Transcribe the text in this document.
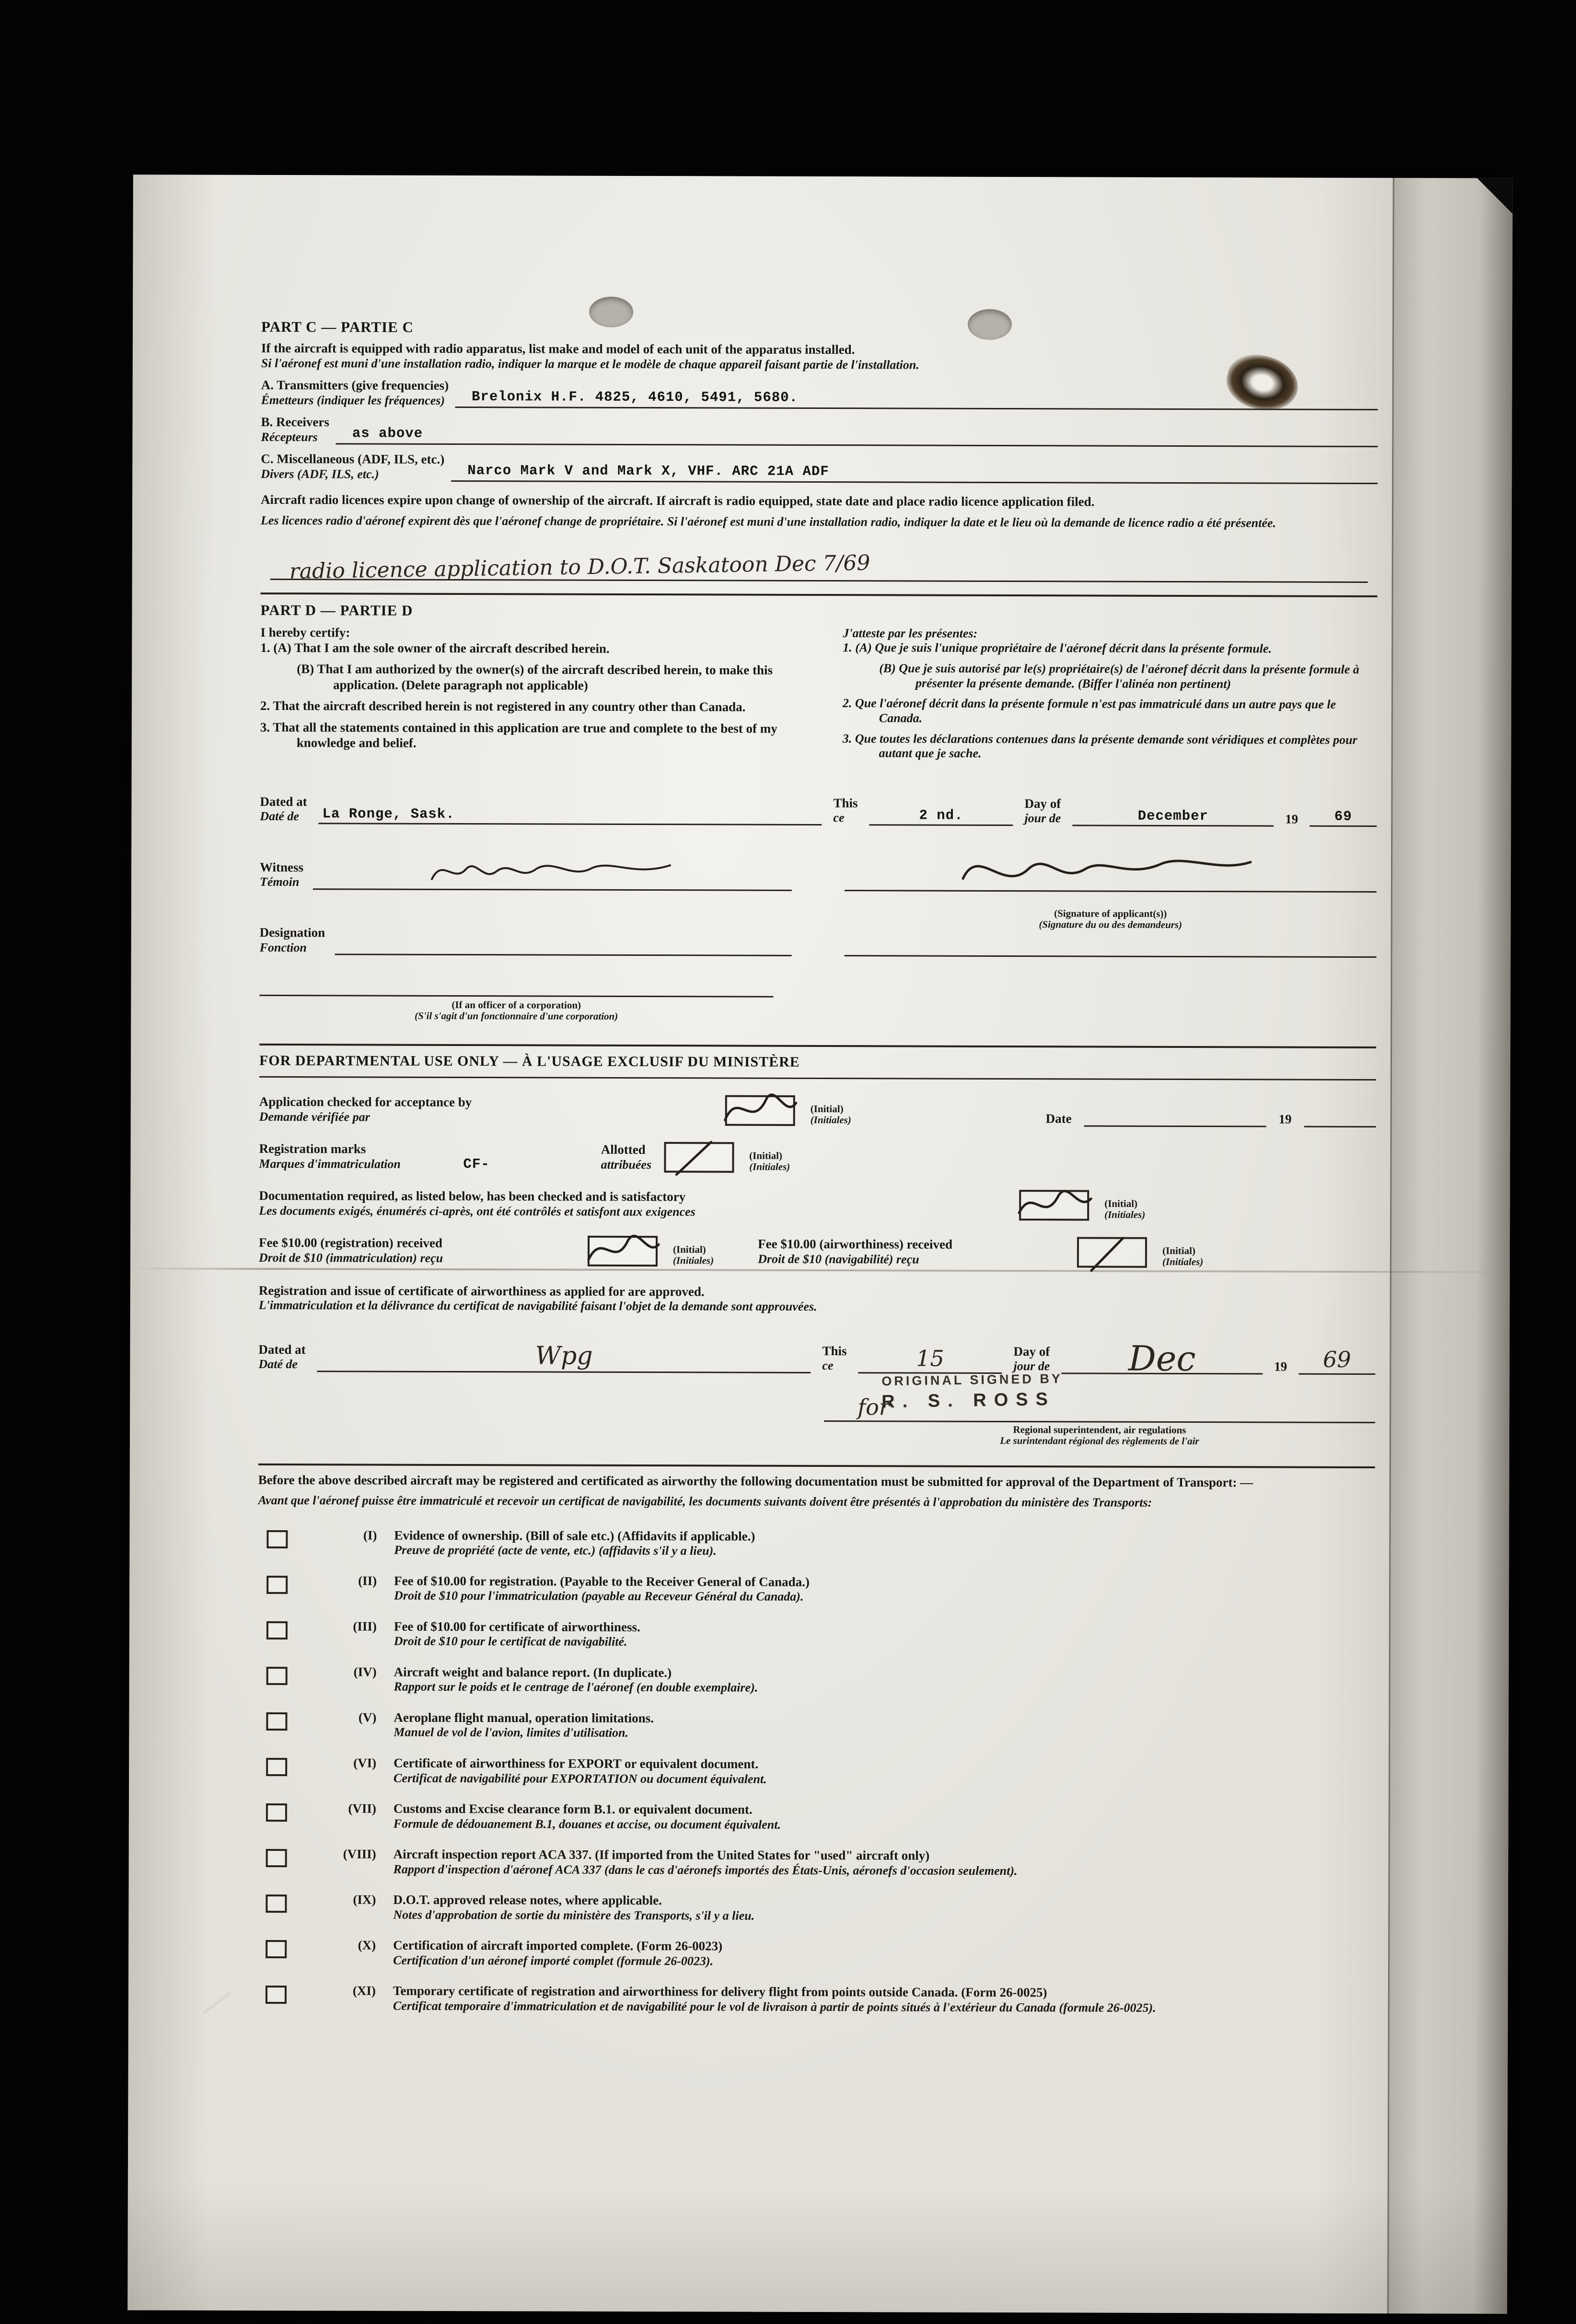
PART C — PARTIE C
If the aircraft is equipped with radio apparatus, list make and model of each unit of the apparatus installed.
Si l'aéronef est muni d'une installation radio, indiquer la marque et le modèle de chaque appareil faisant partie de l'installation.
A. Transmitters (give frequencies)
Émetteurs (indiquer les fréquences)	Brelonix H.F. 4825, 4610, 5491, 5680.
B. Receivers
Récepteurs	as above
C. Miscellaneous (ADF, ILS, etc.)
Divers (ADF, ILS, etc.)	Narco Mark V and Mark X, VHF. ARC 21A ADF
Aircraft radio licences expire upon change of ownership of the aircraft. If aircraft is radio equipped, state date and place radio licence application filed.
Les licences radio d'aéronef expirent dès que l'aéronef change de propriétaire. Si l'aéronef est muni d'une installation radio, indiquer la date et le lieu où la demande de licence radio a été présentée.
radio licence application to D.O.T. Saskatoon Dec 7/69
PART D — PARTIE D
I hereby certify:
1. (A) That I am the sole owner of the aircraft described herein.
(B) That I am authorized by the owner(s) of the aircraft described herein, to make this application. (Delete paragraph not applicable)
2. That the aircraft described herein is not registered in any country other than Canada.
3. That all the statements contained in this application are true and complete to the best of my knowledge and belief.
J'atteste par les présentes:
1. (A) Que je suis l'unique propriétaire de l'aéronef décrit dans la présente formule.
(B) Que je suis autorisé par le(s) propriétaire(s) de l'aéronef décrit dans la présente formule à présenter la présente demande. (Biffer l'alinéa non pertinent)
2. Que l'aéronef décrit dans la présente formule n'est pas immatriculé dans un autre pays que le Canada.
3. Que toutes les déclarations contenues dans la présente demande sont véridiques et complètes pour autant que je sache.
Dated at
Daté de	La Ronge, Sask.
This
ce	2 nd.
Day of
jour de	December	19	69
Witness
Témoin
Designation
Fonction
(Signature of applicant(s))
(Signature du ou des demandeurs)
(If an officer of a corporation)
(S'il s'agit d'un fonctionnaire d'une corporation)
FOR DEPARTMENTAL USE ONLY — À L'USAGE EXCLUSIF DU MINISTÈRE
Application checked for acceptance by
Demande vérifiée par
(Initial)
(Initiales)	Date	19
Registration marks
Marques d'immatriculation	CF-
Allotted
attribuées
(Initial)
(Initiales)
Documentation required, as listed below, has been checked and is satisfactory
Les documents exigés, énumérés ci-après, ont été contrôlés et satisfont aux exigences	(Initial)
(Initiales)
Fee $10.00 (registration) received
Droit de $10 (immatriculation) reçu
(Initial)
(Initiales)
Fee $10.00 (airworthiness) received
Droit de $10 (navigabilité) reçu
(Initial)
(Initiales)
Registration and issue of certificate of airworthiness as applied for are approved.
L'immatriculation et la délivrance du certificat de navigabilité faisant l'objet de la demande sont approuvées.
Dated at
Daté de	Wpg	This
ce	15	Day of
jour de Dec	19 69
ORIGINAL SIGNED BY
R. S. ROSS
for
Regional superintendent, air regulations
Le surintendant régional des règlements de l'air
Before the above described aircraft may be registered and certificated as airworthy the following documentation must be submitted for approval of the Department of Transport: —
Avant que l'aéronef puisse être immatriculé et recevoir un certificat de navigabilité, les documents suivants doivent être présentés à l'approbation du ministère des Transports:
(I) Evidence of ownership. (Bill of sale etc.) (Affidavits if applicable.)
Preuve de propriété (acte de vente, etc.) (affidavits s'il y a lieu).
(II) Fee of $10.00 for registration. (Payable to the Receiver General of Canada.)
Droit de $10 pour l'immatriculation (payable au Receveur Général du Canada).
(III) Fee of $10.00 for certificate of airworthiness.
Droit de $10 pour le certificat de navigabilité.
(IV) Aircraft weight and balance report. (In duplicate.)
Rapport sur le poids et le centrage de l'aéronef (en double exemplaire).
(V) Aeroplane flight manual, operation limitations.
Manuel de vol de l'avion, limites d'utilisation.
(VI) Certificate of airworthiness for EXPORT or equivalent document.
Certificat de navigabilité pour EXPORTATION ou document équivalent.
(VII) Customs and Excise clearance form B.1. or equivalent document.
Formule de dédouanement B.1, douanes et accise, ou document équivalent.
(VIII) Aircraft inspection report ACA 337. (If imported from the United States for "used" aircraft only)
Rapport d'inspection d'aéronef ACA 337 (dans le cas d'aéronefs importés des États-Unis, aéronefs d'occasion seulement).
(IX) D.O.T. approved release notes, where applicable.
Notes d'approbation de sortie du ministère des Transports, s'il y a lieu.
(X) Certification of aircraft imported complete. (Form 26-0023)
Certification d'un aéronef importé complet (formule 26-0023).
(XI) Temporary certificate of registration and airworthiness for delivery flight from points outside Canada. (Form 26-0025)
Certificat temporaire d'immatriculation et de navigabilité pour le vol de livraison à partir de points situés à l'extérieur du Canada (formule 26-0025).
